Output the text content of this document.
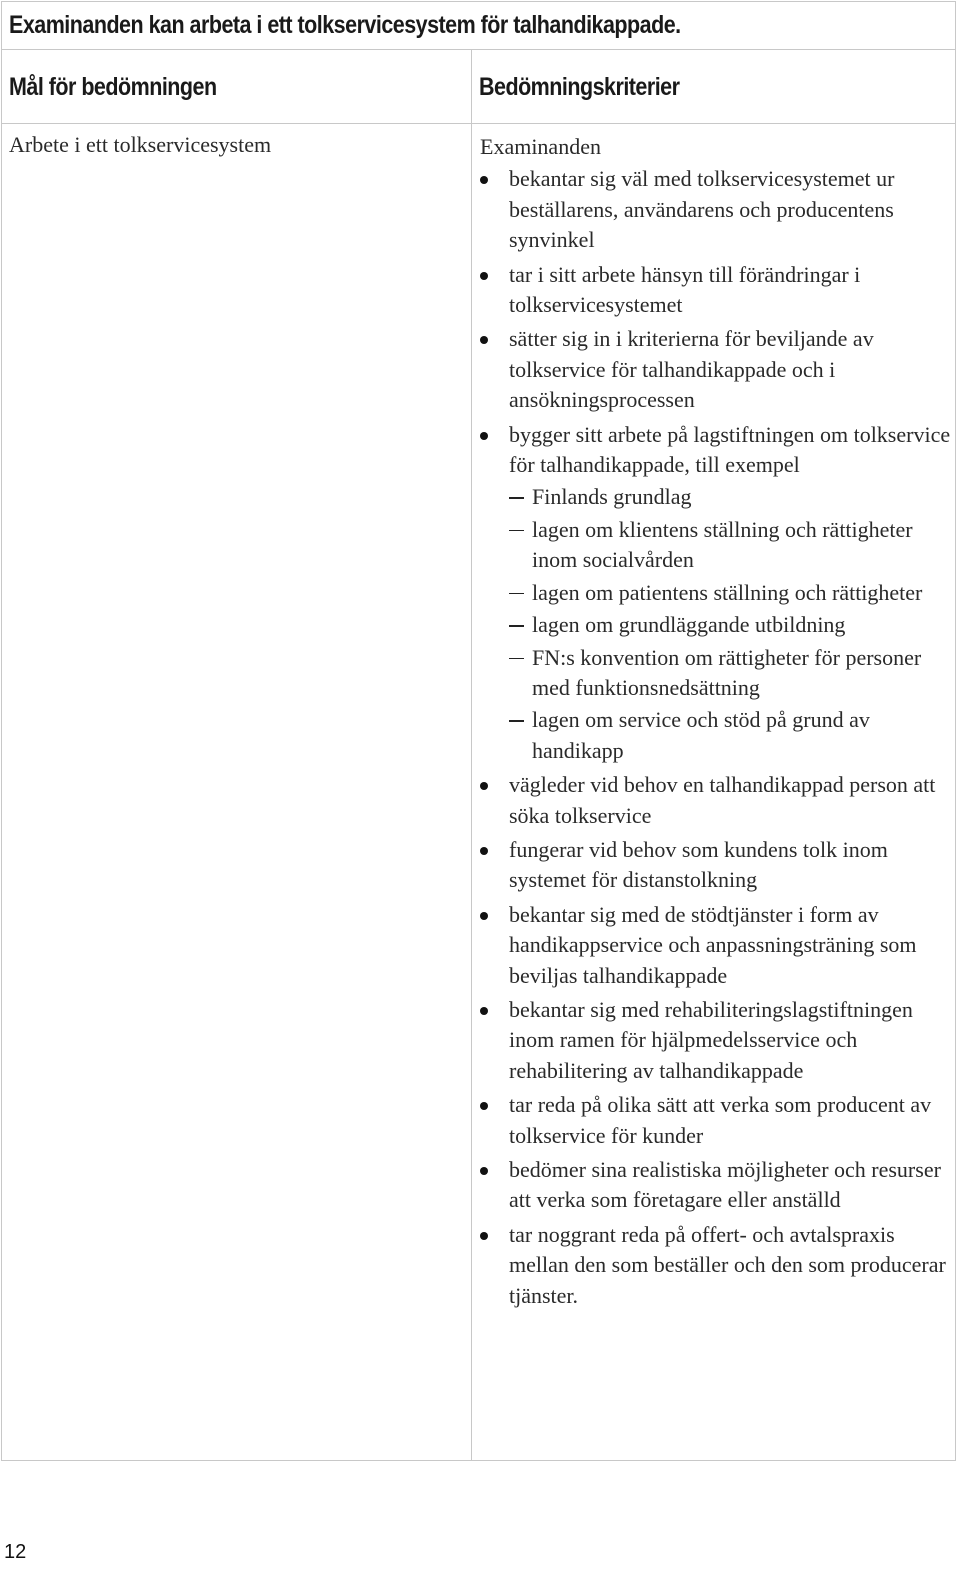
Examinanden kan arbeta i ett tolkservicesystem för talhandikappade.
Mål för bedömningen	Bedömningskriterier
Arbete i ett tolkservicesystem	Examinanden
bekantar sig väl med tolkservicesystemet ur beställarens, användarens och producentens synvinkel
tar i sitt arbete hänsyn till förändringar i tolkservicesystemet
sätter sig in i kriterierna för beviljande av tolkservice för talhandikappade och i ansökningsprocessen
bygger sitt arbete på lagstiftningen om tolkservice för talhandikappade, till exempel
Finlands grundlag
lagen om klientens ställning och rättigheter inom socialvården
lagen om patientens ställning och rättigheter
lagen om grundläggande utbildning
FN:s konvention om rättigheter för personer med funktionsnedsättning
lagen om service och stöd på grund av handikapp
vägleder vid behov en talhandikappad person att söka tolkservice
fungerar vid behov som kundens tolk inom systemet för distanstolkning
bekantar sig med de stödtjänster i form av handikappservice och anpassningsträning som beviljas talhandikappade
bekantar sig med rehabiliteringslagstiftningen inom ramen för hjälpmedelsservice och rehabilitering av talhandikappade
tar reda på olika sätt att verka som producent av tolkservice för kunder
bedömer sina realistiska möjligheter och resurser att verka som företagare eller anställd
tar noggrant reda på offert- och avtalspraxis mellan den som beställer och den som producerar tjänster.
12
